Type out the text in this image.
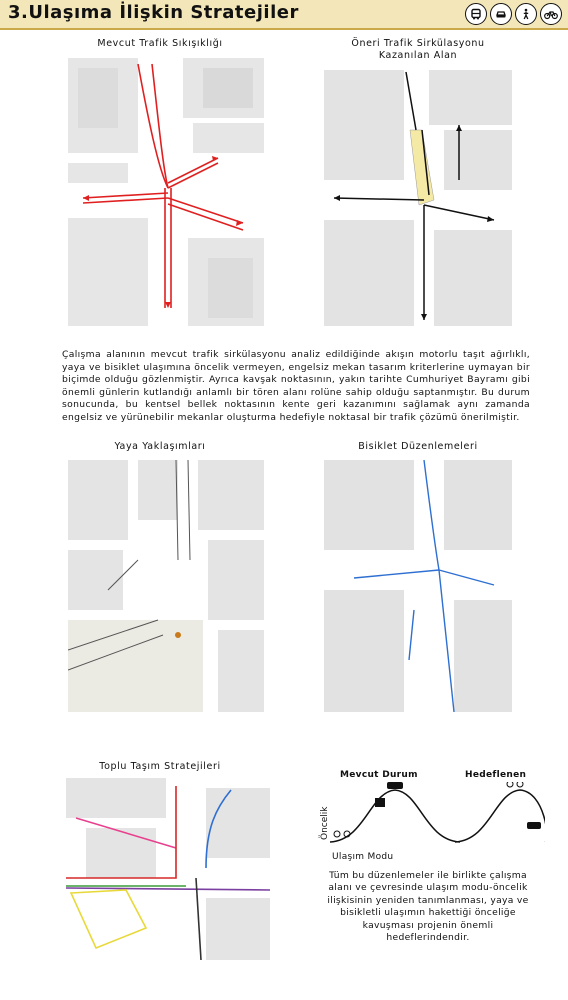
3.Ulaşıma İlişkin Stratejiler
Mevcut Trafik Sıkışıklığı	Öneri Trafik Sirkülasyonu
Kazanılan Alan
Çalışma alanının mevcut trafik sirkülasyonu analiz edildiğinde akışın motorlu taşıt ağırlıklı, yaya ve bisiklet ulaşımına öncelik vermeyen, engelsiz mekan tasarım kriterlerine uymayan bir biçimde olduğu gözlenmiştir. Ayrıca kavşak noktasının, yakın tarihte Cumhuriyet Bayramı gibi önemli günlerin kutlandığı anlamlı bir tören alanı rolüne sahip olduğu saptanmıştır. Bu durum sonucunda, bu kentsel bellek noktasının kente geri kazanımını sağlamak aynı zamanda engelsiz ve yürünebilir mekanlar oluşturma hedefiyle noktasal bir trafik çözümü önerilmiştir.
Yaya Yaklaşımları	Bisiklet Düzenlemeleri
Toplu Taşım Stratejileri
Mevcut Durum	Hedeflenen
Öncelik
Ulaşım Modu
Tüm bu düzenlemeler ile birlikte çalışma alanı ve çevresinde ulaşım modu-öncelik ilişkisinin yeniden tanımlanması, yaya ve bisikletli ulaşımın hakettiği önceliğe kavuşması projenin önemli hedeflerindendir.
